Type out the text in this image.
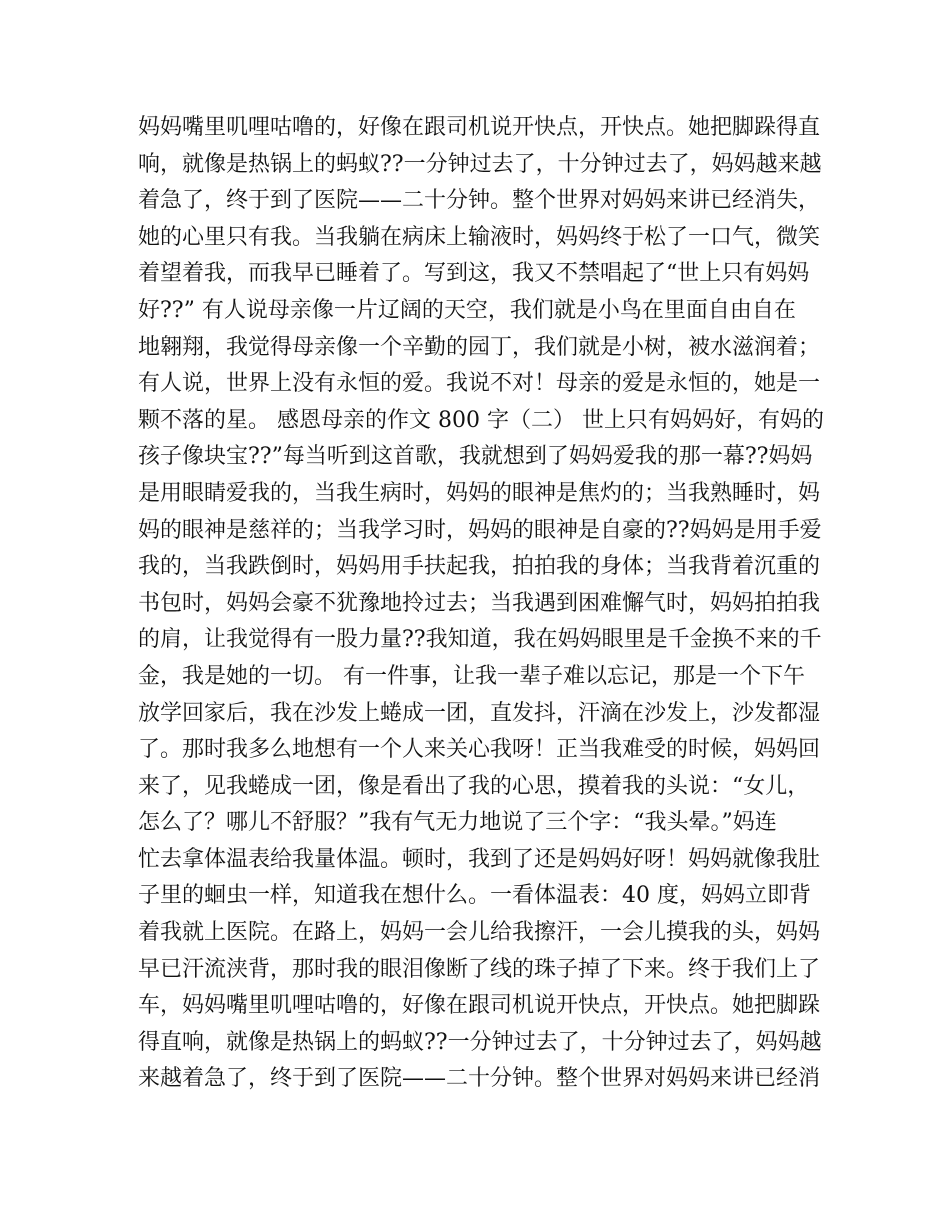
妈妈嘴里叽哩咕噜的，好像在跟司机说开快点，开快点。她把脚跺得直
响，就像是热锅上的蚂蚁??一分钟过去了，十分钟过去了，妈妈越来越
着急了，终于到了医院——二十分钟。整个世界对妈妈来讲已经消失，
她的心里只有我。当我躺在病床上输液时，妈妈终于松了一口气，微笑
着望着我，而我早已睡着了。写到这，我又不禁唱起了“世上只有妈妈
好??” 有人说母亲像一片辽阔的天空，我们就是小鸟在里面自由自在
地翱翔，我觉得母亲像一个辛勤的园丁，我们就是小树，被水滋润着；
有人说，世界上没有永恒的爱。我说不对！母亲的爱是永恒的，她是一
颗不落的星。 感恩母亲的作文 800 字（二） 世上只有妈妈好，有妈的
孩子像块宝??”每当听到这首歌，我就想到了妈妈爱我的那一幕??妈妈
是用眼睛爱我的，当我生病时，妈妈的眼神是焦灼的；当我熟睡时，妈
妈的眼神是慈祥的；当我学习时，妈妈的眼神是自豪的??妈妈是用手爱
我的，当我跌倒时，妈妈用手扶起我，拍拍我的身体；当我背着沉重的
书包时，妈妈会豪不犹豫地拎过去；当我遇到困难懈气时，妈妈拍拍我
的肩，让我觉得有一股力量??我知道，我在妈妈眼里是千金换不来的千
金，我是她的一切。 有一件事，让我一辈子难以忘记，那是一个下午
放学回家后，我在沙发上蜷成一团，直发抖，汗滴在沙发上，沙发都湿
了。那时我多么地想有一个人来关心我呀！正当我难受的时候，妈妈回
来了，见我蜷成一团，像是看出了我的心思，摸着我的头说：“女儿，
怎么了？哪儿不舒服？”我有气无力地说了三个字：“我头晕。”妈连
忙去拿体温表给我量体温。顿时，我到了还是妈妈好呀！妈妈就像我肚
子里的蛔虫一样，知道我在想什么。一看体温表：40 度，妈妈立即背
着我就上医院。在路上，妈妈一会儿给我擦汗，一会儿摸我的头，妈妈
早已汗流浃背，那时我的眼泪像断了线的珠子掉了下来。终于我们上了
车，妈妈嘴里叽哩咕噜的，好像在跟司机说开快点，开快点。她把脚跺
得直响，就像是热锅上的蚂蚁??一分钟过去了，十分钟过去了，妈妈越
来越着急了，终于到了医院——二十分钟。整个世界对妈妈来讲已经消
